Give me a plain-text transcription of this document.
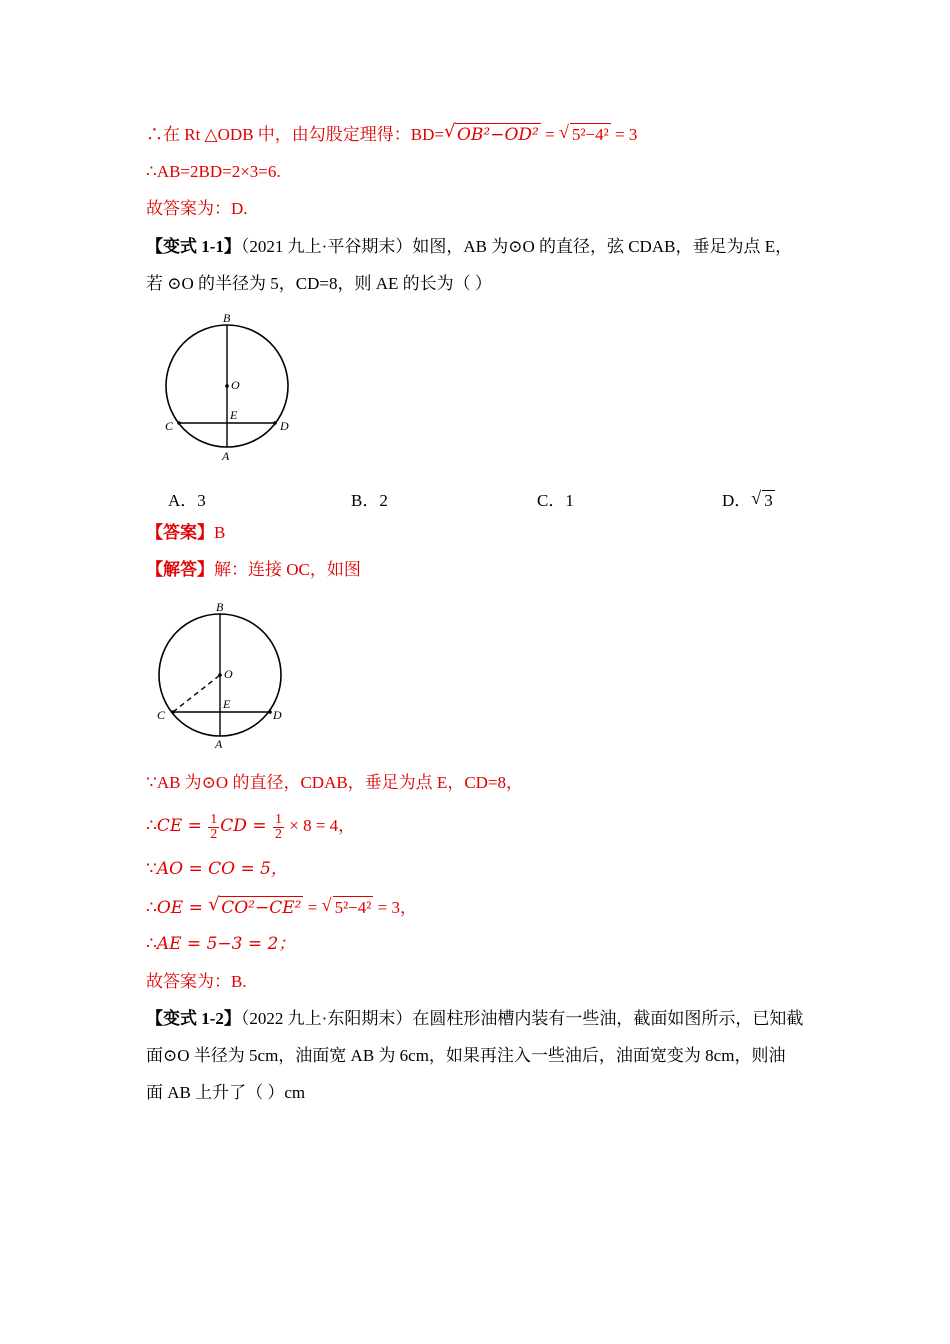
∴在 Rt △ODB 中，由勾股定理得：BD= √ OB²−OD² = √ 5²−4² = 3
∴AB=2BD=2×3=6.
故答案为：D.
【变式 1-1】（2021 九上·平谷期末）如图，AB 为⊙O 的直径，弦 CDAB，垂足为点 E，
若 ⊙O 的半径为 5，CD=8，则 AE 的长为（ ）
B
O
E
C	D
A
A．3	B．2	C．1	D． √ 3
【答案】B
【解答】解：连接 OC，如图
B
O
E
C	D
A
∵AB 为⊙O 的直径，CDAB，垂足为点 E，CD=8，
∴CE = $\frac{1}{2}$ CD = $\frac{1}{2} \times 8 = 4$，
∵AO = CO = 5，
∴OE = √ CO²−CE² = √ 5²−4² = 3，
∴AE = 5−3 = 2；
故答案为：B.
【变式 1-2】（2022 九上·东阳期末）在圆柱形油槽内装有一些油，截面如图所示，已知截
面⊙O 半径为 5cm，油面宽 AB 为 6cm，如果再注入一些油后，油面宽变为 8cm，则油
面 AB 上升了（ ）cm
